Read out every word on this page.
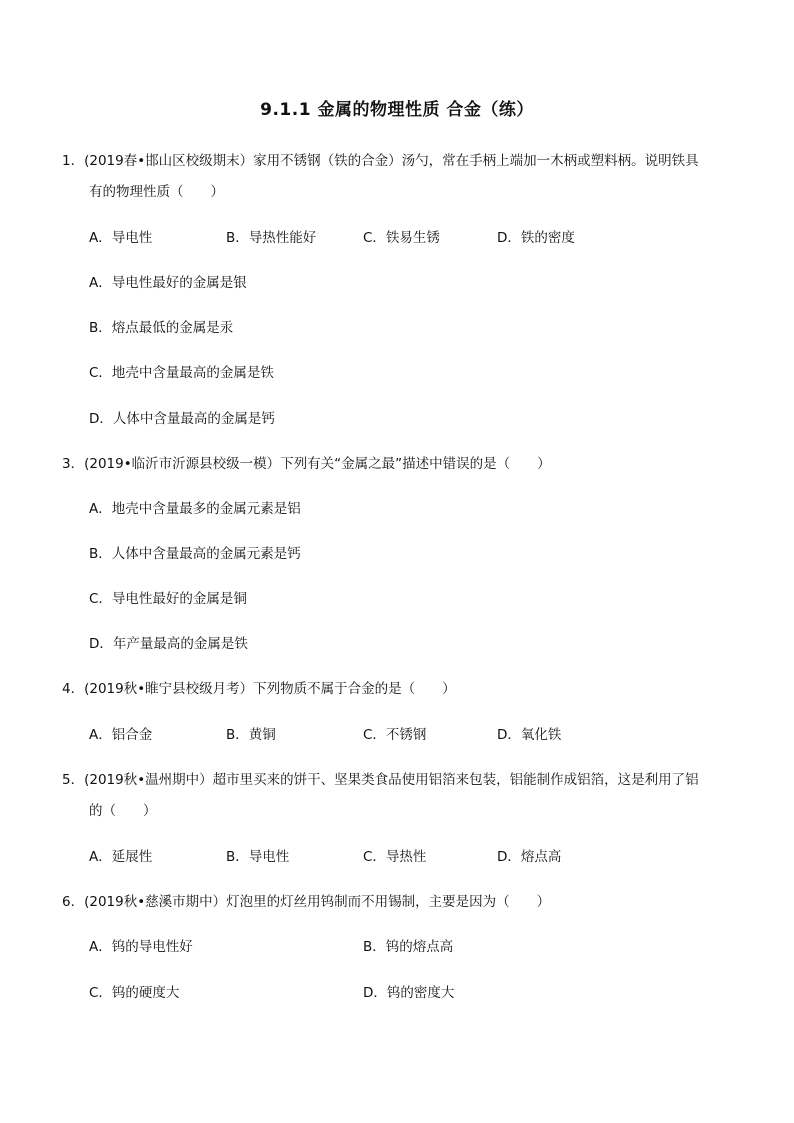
9.1.1 金属的物理性质 合金（练）
1．(2019春•邯山区校级期末）家用不锈钢（铁的合金）汤勺，常在手柄上端加一木柄或塑料柄。说明铁具
有的物理性质（　　）
A．导电性	B．导热性能好	C．铁易生锈	D．铁的密度
A．导电性最好的金属是银
B．熔点最低的金属是汞
C．地壳中含量最高的金属是铁
D．人体中含量最高的金属是钙
3．(2019•临沂市沂源县校级一模）下列有关“金属之最”描述中错误的是（　　）
A．地壳中含量最多的金属元素是铝
B．人体中含量最高的金属元素是钙
C．导电性最好的金属是铜
D．年产量最高的金属是铁
4．(2019秋•睢宁县校级月考）下列物质不属于合金的是（　　）
A．铝合金	B．黄铜	C．不锈钢	D．氧化铁
5．(2019秋•温州期中）超市里买来的饼干、坚果类食品使用铝箔来包装，铝能制作成铝箔，这是利用了铝
的（　　）
A．延展性	B．导电性	C．导热性	D．熔点高
6．(2019秋•慈溪市期中）灯泡里的灯丝用钨制而不用锡制，主要是因为（　　）
A．钨的导电性好	B．钨的熔点高
C．钨的硬度大	D．钨的密度大
